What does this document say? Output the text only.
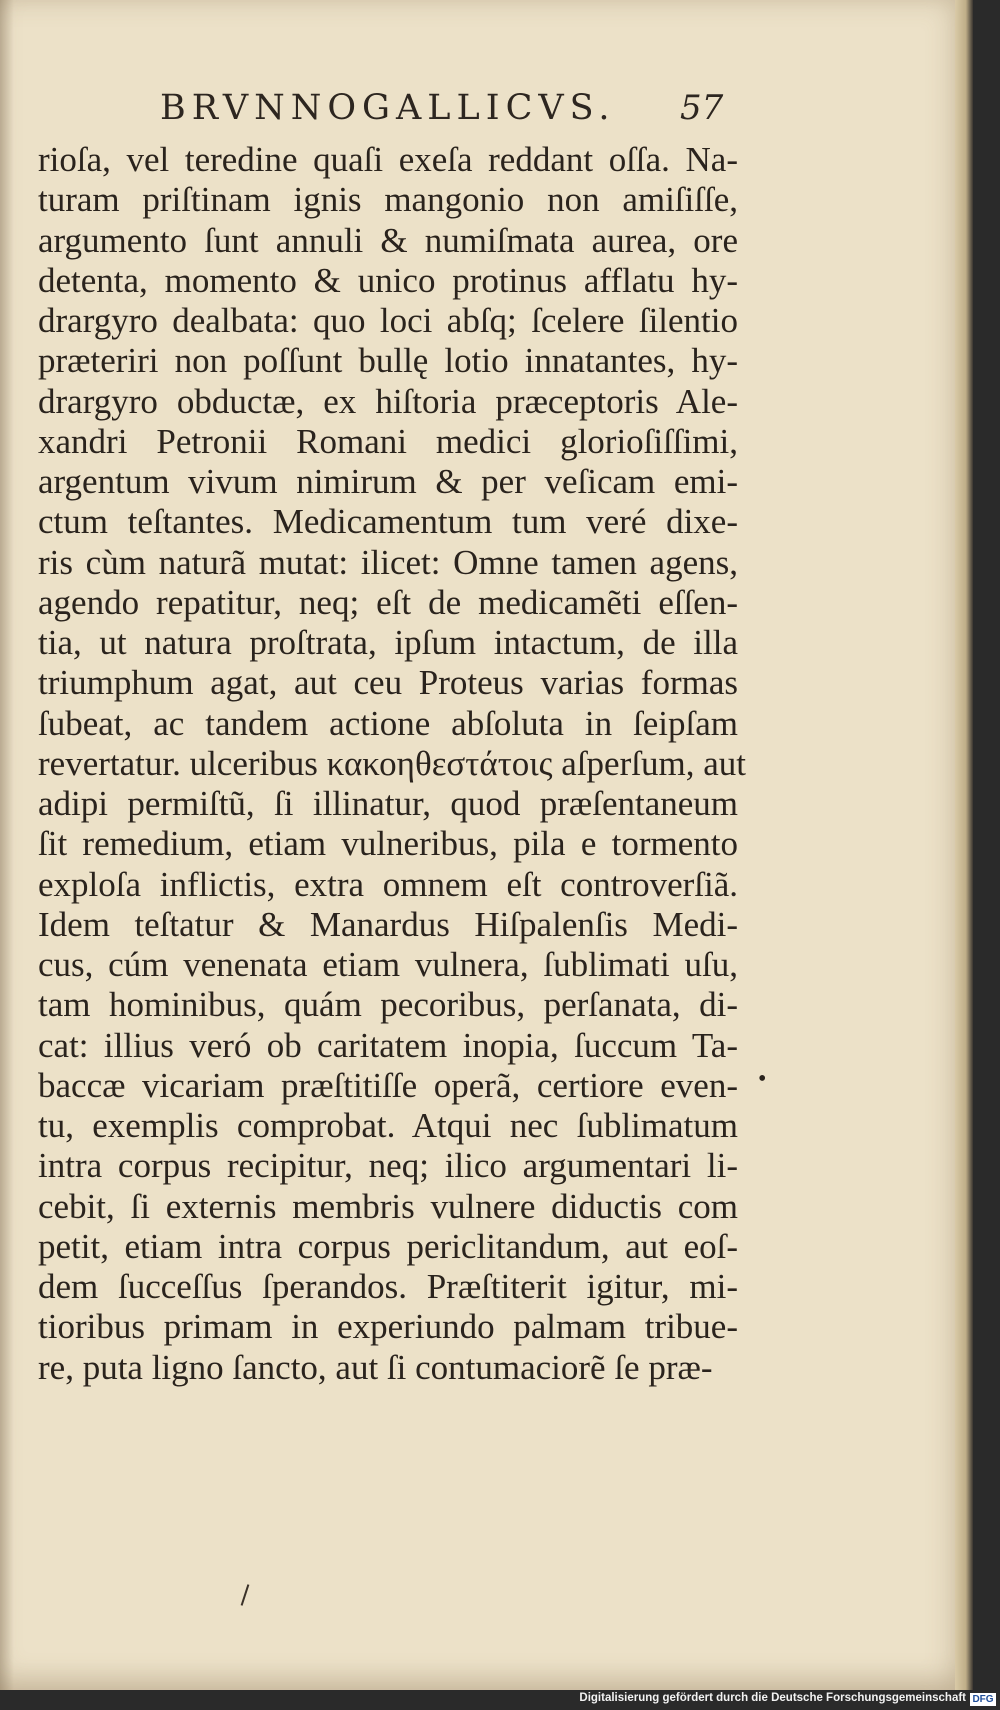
BRVNNOGALLICVS. 57
rioſa, vel teredine quaſi exeſa reddant oſſa. Na-
turam priſtinam ignis mangonio non amiſiſſe,
argumento ſunt annuli & numiſmata aurea, ore
detenta, momento & unico protinus afflatu hy-
drargyro dealbata: quo loci abſq; ſcelere ſilentio
præteriri non poſſunt bullę lotio innatantes, hy-
drargyro obductæ, ex hiſtoria præceptoris Ale-
xandri Petronii Romani medici glorioſiſſimi,
argentum vivum nimirum & per veſicam emi-
ctum teſtantes. Medicamentum tum veré dixe-
ris cùm naturã mutat: ilicet: Omne tamen agens,
agendo repatitur, neq; eſt de medicamẽti eſſen-
tia, ut natura proſtrata, ipſum intactum, de illa
triumphum agat, aut ceu Proteus varias formas
ſubeat, ac tandem actione abſoluta in ſeipſam
revertatur. ulceribus κακοηθεστάτοις aſperſum, aut
adipi permiſtũ, ſi illinatur, quod præſentaneum
ſit remedium, etiam vulneribus, pila e tormento
exploſa inflictis, extra omnem eſt controverſiã.
Idem teſtatur & Manardus Hiſpalenſis Medi-
cus, cúm venenata etiam vulnera, ſublimati uſu,
tam hominibus, quám pecoribus, perſanata, di-
cat: illius veró ob caritatem inopia, ſuccum Ta-
baccæ vicariam præſtitiſſe operã, certiore even-
tu, exemplis comprobat. Atqui nec ſublimatum
intra corpus recipitur, neq; ilico argumentari li-
cebit, ſi externis membris vulnere diductis com
petit, etiam intra corpus periclitandum, aut eoſ-
dem ſucceſſus ſperandos. Præſtiterit igitur, mi-
tioribus primam in experiundo palmam tribue-
re, puta ligno ſancto, aut ſi contumaciorẽ ſe præ-
•
Digitalisierung gefördert durch die Deutsche Forschungsgemeinschaft DFG
